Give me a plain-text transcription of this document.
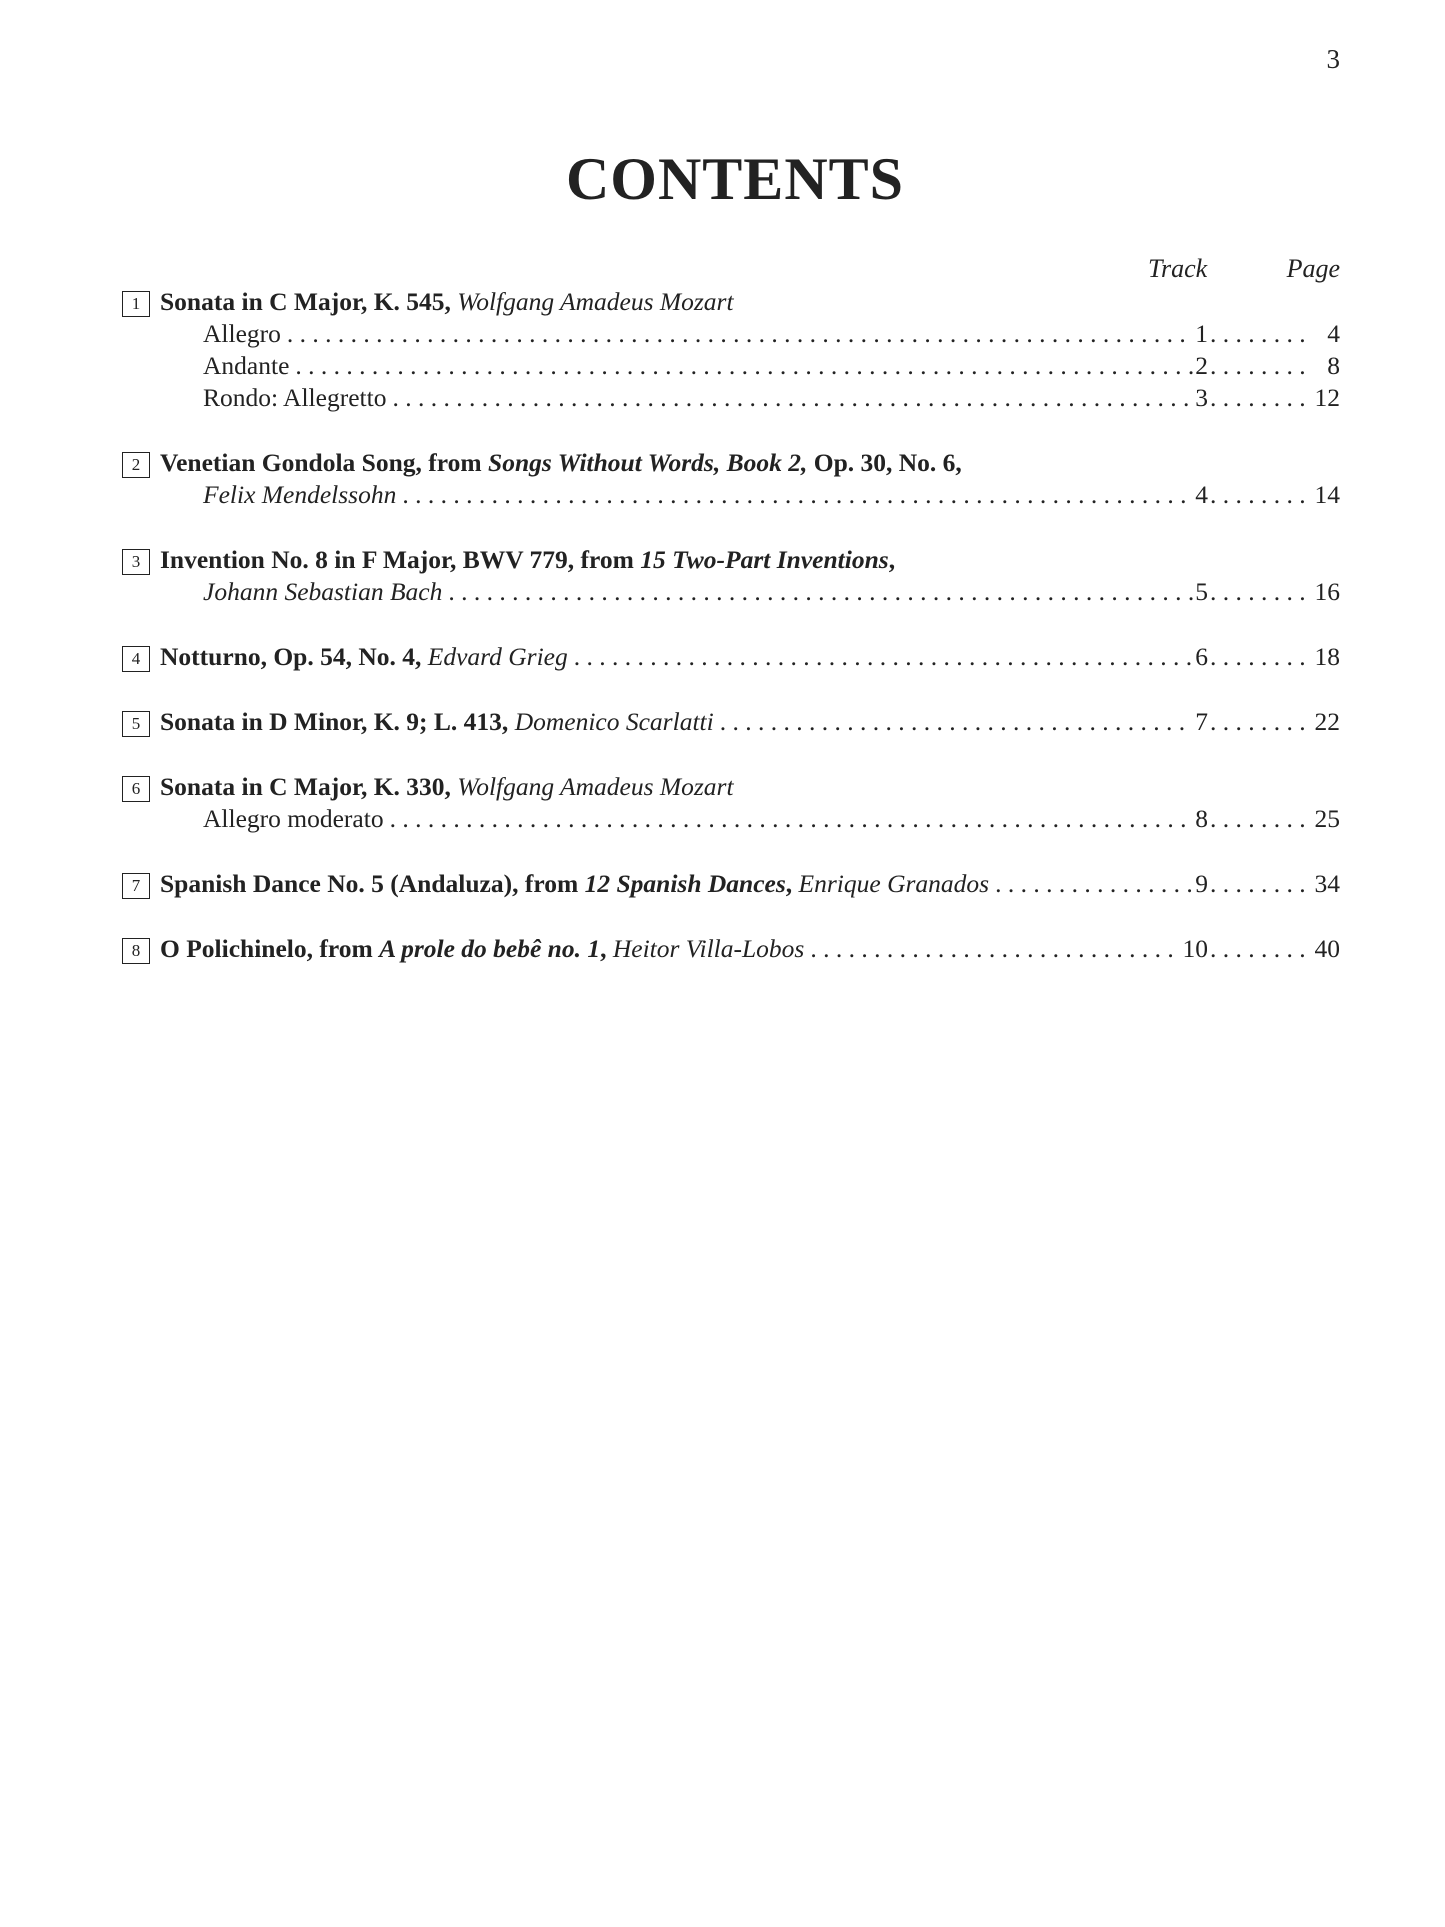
3
CONTENTS
Track	Page
1 Sonata in C Major, K. 545, Wolfgang Amadeus Mozart
Allegro . . .	1 . . .	4
Andante . . .	2 . . .	8
Rondo: Allegretto . . .	3 . . .	12
2 Venetian Gondola Song, from Songs Without Words, Book 2, Op. 30, No. 6,
Felix Mendelssohn . . .	4 . . .	14
3 Invention No. 8 in F Major, BWV 779, from 15 Two-Part Inventions,
Johann Sebastian Bach . . .	5 . . .	16
4 Notturno, Op. 54, No. 4, Edvard Grieg . . .	6 . . .	18
5 Sonata in D Minor, K. 9; L. 413, Domenico Scarlatti . . .	7 . . .	22
6 Sonata in C Major, K. 330, Wolfgang Amadeus Mozart
Allegro moderato . . .	8 . . .	25
7 Spanish Dance No. 5 (Andaluza), from 12 Spanish Dances, Enrique Granados . . .	9 . . .	34
8 O Polichinelo, from A prole do bebê no. 1, Heitor Villa-Lobos . . .	10 . . .	40
